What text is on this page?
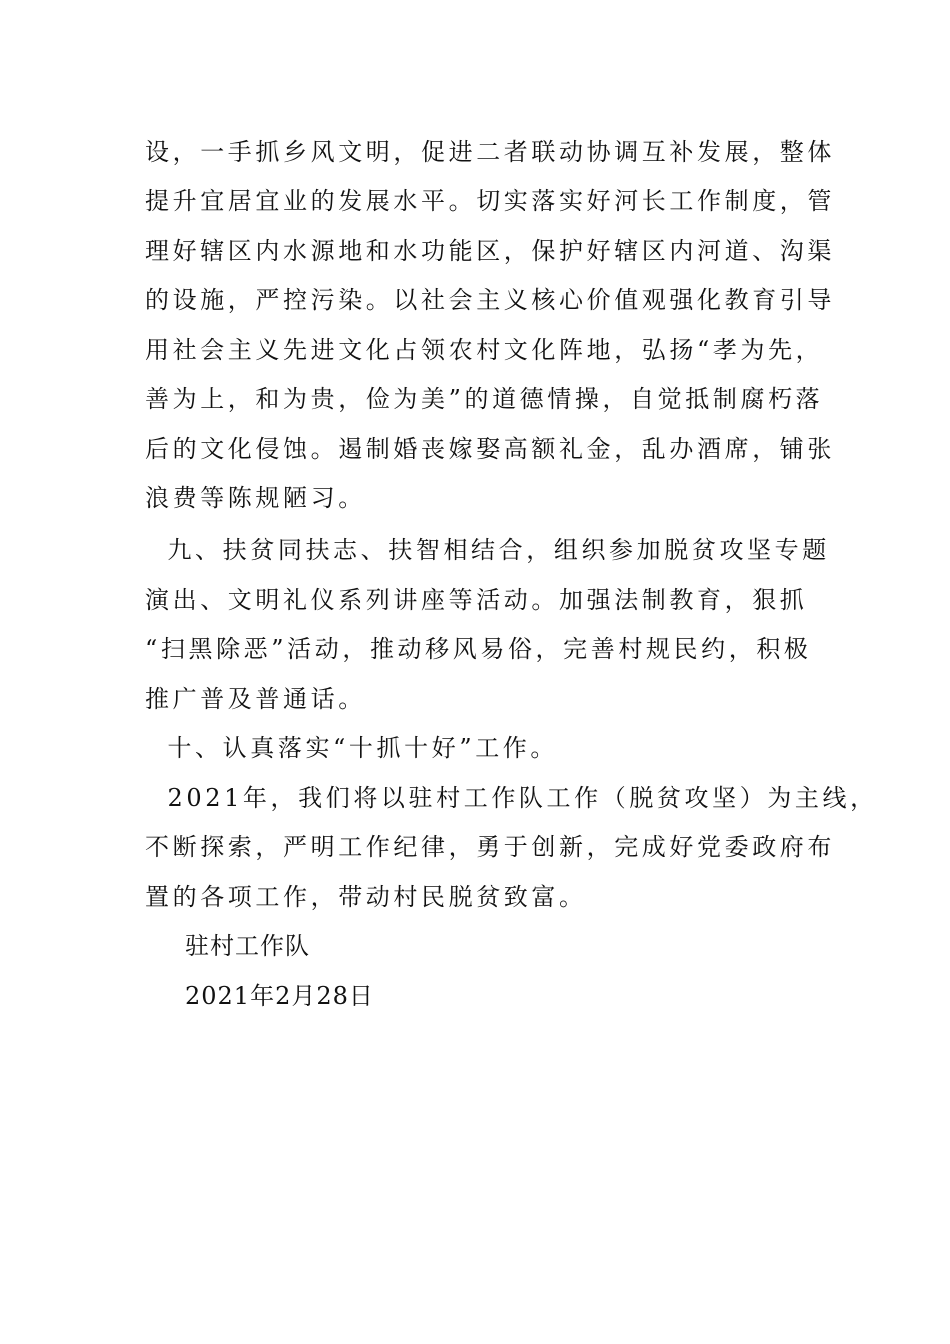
设，一手抓乡风文明，促进二者联动协调互补发展，整体
提升宜居宜业的发展水平。切实落实好河长工作制度，管
理好辖区内水源地和水功能区，保护好辖区内河道、沟渠
的设施，严控污染。以社会主义核心价值观强化教育引导
用社会主义先进文化占领农村文化阵地，弘扬“孝为先，
善为上，和为贵，俭为美”的道德情操，自觉抵制腐朽落
后的文化侵蚀。遏制婚丧嫁娶高额礼金，乱办酒席，铺张
浪费等陈规陋习。
九、扶贫同扶志、扶智相结合，组织参加脱贫攻坚专题
演出、文明礼仪系列讲座等活动。加强法制教育，狠抓
“扫黑除恶”活动，推动移风易俗，完善村规民约，积极
推广普及普通话。
十、认真落实“十抓十好”工作。
2021年，我们将以驻村工作队工作（脱贫攻坚）为主线，
不断探索，严明工作纪律，勇于创新，完成好党委政府布
置的各项工作，带动村民脱贫致富。
驻村工作队
2021年2月28日
